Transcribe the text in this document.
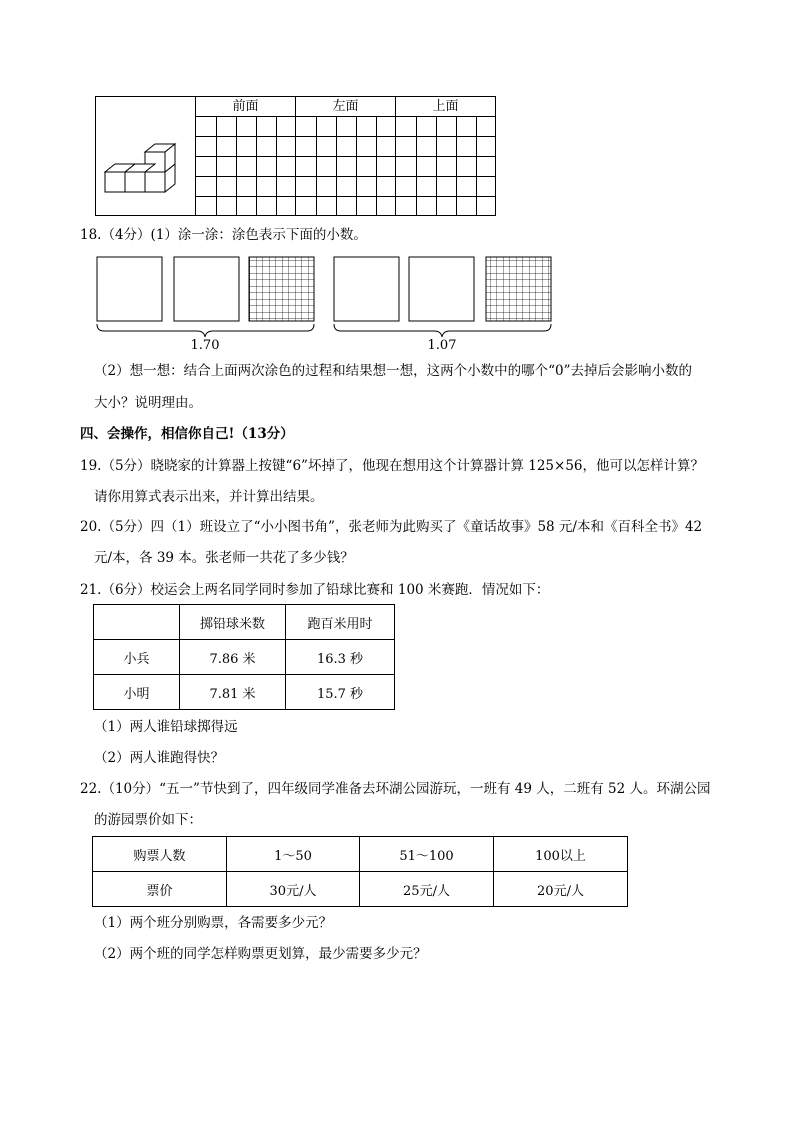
前面	左面	上面
18.（4分）(1）涂一涂：涂色表示下面的小数。
1.70	1.07
（2）想一想：结合上面两次涂色的过程和结果想一想，这两个小数中的哪个“0”去掉后会影响小数的
大小？说明理由。
四、会操作，相信你自己!（13分）
19.（5分）晓晓家的计算器上按键“6”坏掉了，他现在想用这个计算器计算 125×56，他可以怎样计算？
请你用算式表示出来，并计算出结果。
20.（5分）四（1）班设立了“小小图书角”，张老师为此购买了《童话故事》58 元/本和《百科全书》42
元/本，各 39 本。张老师一共花了多少钱？
21.（6分）校运会上两名同学同时参加了铅球比赛和 100 米赛跑．情况如下：
	掷铅球米数	跑百米用时
小兵	7.86 米	16.3 秒
小明	7.81 米	15.7 秒
（1）两人谁铅球掷得远
（2）两人谁跑得快？
22.（10分）“五一”节快到了，四年级同学准备去环湖公园游玩，一班有 49 人，二班有 52 人。环湖公园
的游园票价如下：
购票人数	1～50	51～100	100以上
票价	30元/人	25元/人	20元/人
（1）两个班分别购票，各需要多少元？
（2）两个班的同学怎样购票更划算，最少需要多少元？
